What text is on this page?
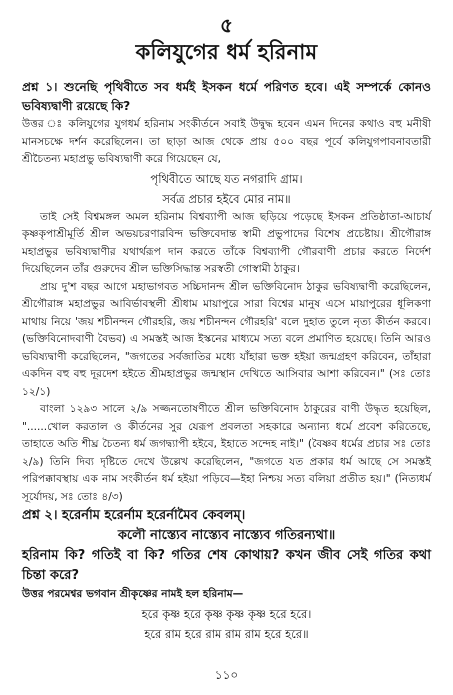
৫
কলিযুগের ধর্ম হরিনাম

প্রশ্ন ১। শুনেছি পৃথিবীতে সব ধর্মই ইসকন ধর্মে পরিণত হবে। এই সম্পর্কে কোনও ভবিষ্যদ্বাণী রয়েছে কি?

উত্তর ঃ কলিযুগের যুগধর্ম হরিনাম সংকীর্তনে সবাই উদ্বুদ্ধ হবেন এমন দিনের কথাও বহু মনীষী মানসচক্ষে দর্শন করেছিলেন। তা ছাড়া আজ থেকে প্রায় ৫০০ বছর পূর্বে কলিযুগপাবনাবতারী শ্রীচৈতন্য মহাপ্রভু ভবিষ্যদ্বাণী করে গিয়েছেন যে,

পৃথিবীতে আছে যত নগরাদি গ্রাম।

সর্বত্র প্রচার হইবে মোর নাম॥

তাই সেই বিশ্বমঙ্গল অমল হরিনাম বিশ্বব্যাপী আজ ছড়িয়ে পড়েছে ইসকন প্রতিষ্ঠাতা-আচার্য কৃষ্ণকৃপাশ্রীমূর্তি শ্রীল অভয়চরণারবিন্দ ভক্তিবেদান্ত স্বামী প্রভুপাদের বিশেষ প্রচেষ্টায়। শ্রীগৌরাঙ্গ মহাপ্রভুর ভবিষ্যদ্বাণীর যথার্থরূপ দান করতে তাঁকে বিশ্বব্যাপী গৌরবাণী প্রচার করতে নির্দেশ দিয়েছিলেন তাঁর গুরুদেব শ্রীল ভক্তিসিদ্ধান্ত সরস্বতী গোস্বামী ঠাকুর।

প্রায় দু'শ বছর আগে মহাভাগবত সচ্চিদানন্দ শ্রীল ভক্তিবিনোদ ঠাকুর ভবিষ্যদ্বাণী করেছিলেন, শ্রীগৌরাঙ্গ মহাপ্রভুর আবির্ভাবস্থলী শ্রীধাম মায়াপুরে সারা বিশ্বের মানুষ এসে মায়াপুরের ধূলিকণা মাথায় নিয়ে 'জয় শচীনন্দন গৌরহরি, জয় শচীনন্দন গৌরহরি' বলে দুহাত তুলে নৃত্য কীর্তন করবে। (ভক্তিবিনোদবাণী বৈভব) এ সমস্তই আজ ইস্কনের মাধ্যমে সত্য বলে প্রমাণিত হয়েছে। তিনি আরও ভবিষ্যদ্বাণী করেছিলেন, "জগতের সর্বজাতির মধ্যে যাঁহারা ভক্ত হইয়া জন্মগ্রহণ করিবেন, তাঁহারা একদিন বহু বহু দূরদেশ হইতে শ্রীমহাপ্রভুর জন্মস্থান দেখিতে আসিবার আশা করিবেন।" (সঃ তোঃ ১২/১)

বাংলা ১২৯৩ সালে ২/৯ সজ্জনতোষণীতে শ্রীল ভক্তিবিনোদ ঠাকুরের বাণী উদ্ধৃত হয়েছিল, "......খোল করতাল ও কীর্তনের সুর যেরূপ প্রবলতা সহকারে অন্যান্য ধর্মে প্রবেশ করিতেছে, তাহাতে অতি শীঘ্র চৈতন্য ধর্ম জগদ্ব্যাপী হইবে, ইহাতে সন্দেহ নাই।" (বৈষ্ণব ধর্মের প্রচার সঃ তোঃ ২/৯) তিনি দিব্য দৃষ্টিতে দেখে উল্লেখ করেছিলেন, "জগতে যত প্রকার ধর্ম আছে সে সমস্তই পরিপক্কাবস্থায় এক নাম সংকীর্তন ধর্ম হইয়া পড়িবে—ইহা নিশ্চয় সত্য বলিয়া প্রতীত হয়।" (নিত্যধর্ম সূর্যোদয়, সঃ তোঃ ৪/৩)

প্রশ্ন ২। হরের্নাম হরের্নাম হরের্নামৈব কেবলম্।

কলৌ নাস্ত্যেব নাস্ত্যেব নাস্ত্যেব গতিরন্যথা॥

হরিনাম কি? গতিই বা কি? গতির শেষ কোথায়? কখন জীব সেই গতির কথা চিন্তা করে?

উত্তর পরমেশ্বর ভগবান শ্রীকৃষ্ণের নামই হল হরিনাম—

হরে কৃষ্ণ হরে কৃষ্ণ কৃষ্ণ কৃষ্ণ হরে হরে।

হরে রাম হরে রাম রাম রাম হরে হরে॥

১১০
